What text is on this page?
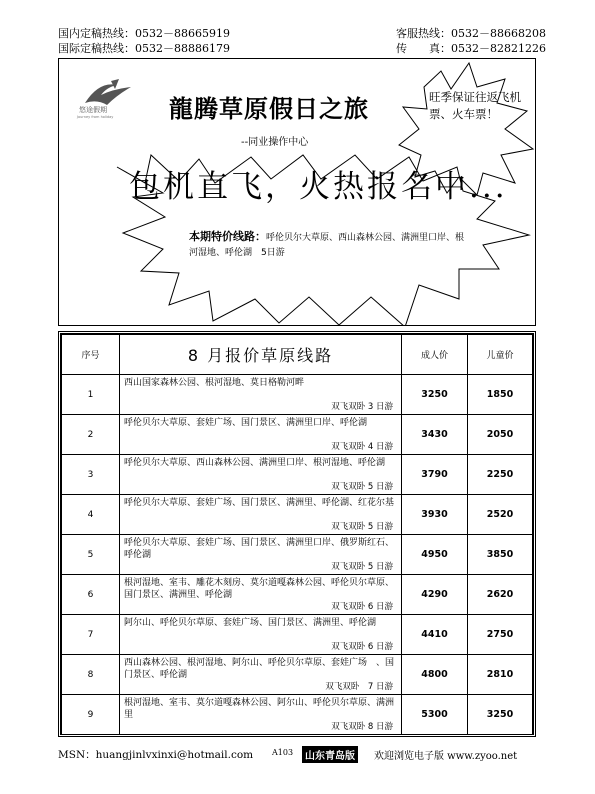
国内定稿热线：0532－88665919
国际定稿热线：0532－88886179
客服热线：0532－88668208
传　　真：0532－82821226
悠途假期
Journey from holiday 龍腾草原假日之旅
--同业操作中心
旺季保证往返飞机票、火车票！
包机直飞，火热报名中...
本期特价线路：呼伦贝尔大草原、西山森林公园、满洲里口岸、根河湿地、呼伦湖　5日游
序号	8 月报价草原线路	成人价	儿童价
1	西山国家森林公园、根河湿地、莫日格勒河畔
双飞双卧 3 日游	3250	1850
2	呼伦贝尔大草原、套娃广场、国门景区、满洲里口岸、呼伦湖
双飞双卧 4 日游	3430	2050
3	呼伦贝尔大草原、西山森林公园、满洲里口岸、根河湿地、呼伦湖
双飞双卧 5 日游	3790	2250
4	呼伦贝尔大草原、套娃广场、国门景区、满洲里、呼伦湖、红花尔基
双飞双卧 5 日游	3930	2520
5	呼伦贝尔大草原、套娃广场、国门景区、满洲里口岸、俄罗斯红石、呼伦湖
双飞双卧 5 日游	4950	3850
6	根河湿地、室韦、雕花木刻房、莫尔道嘎森林公园、呼伦贝尔草原、国门景区、满洲里、呼伦湖
双飞双卧 6 日游	4290	2620
7	阿尔山、呼伦贝尔草原、套娃广场、国门景区、满洲里、呼伦湖
双飞双卧 6 日游	4410	2750
8	西山森林公园、根河湿地、阿尔山、呼伦贝尔草原、套娃广场　、国门景区、呼伦湖
双飞双卧　7 日游	4800	2810
9	根河湿地、室韦、莫尔道嘎森林公园、阿尔山、呼伦贝尔草原、满洲里
双飞双卧 8 日游	5300	3250
MSN：huangjinlvxinxi@hotmail.com A103	山东青岛版	欢迎浏览电子版 www.zyoo.net
